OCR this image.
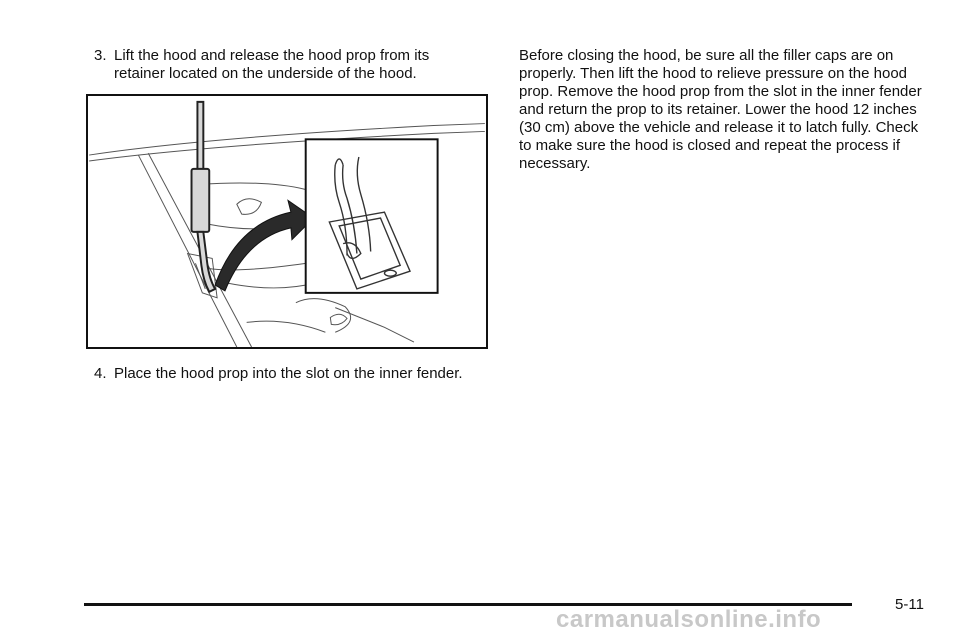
3. Lift the hood and release the hood prop from its retainer located on the underside of the hood.
4. Place the hood prop into the slot on the inner fender.
Before closing the hood, be sure all the filler caps are on properly. Then lift the hood to relieve pressure on the hood prop. Remove the hood prop from the slot in the inner fender and return the prop to its retainer. Lower the hood 12 inches (30 cm) above the vehicle and release it to latch fully. Check to make sure the hood is closed and repeat the process if necessary.
5-11
carmanualsonline.info
